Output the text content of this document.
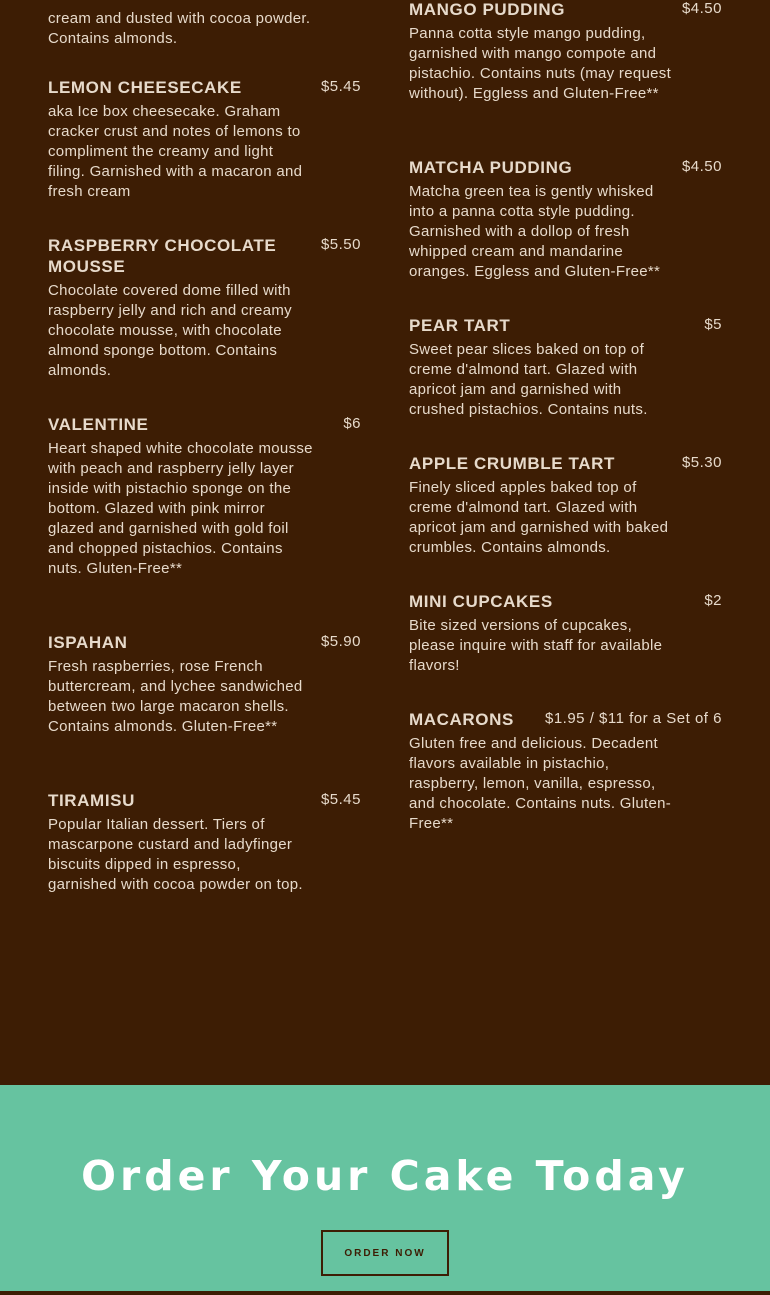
cream and dusted with cocoa powder. Contains almonds.

LEMON CHEESECAKE	$5.45

aka Ice box cheesecake. Graham cracker crust and notes of lemons to compliment the creamy and light filing. Garnished with a macaron and fresh cream

RASPBERRY CHOCOLATE MOUSSE
$5.50

Chocolate covered dome filled with raspberry jelly and rich and creamy chocolate mousse, with chocolate almond sponge bottom. Contains almonds.

VALENTINE	$6

Heart shaped white chocolate mousse with peach and raspberry jelly layer inside with pistachio sponge on the bottom. Glazed with pink mirror glazed and garnished with gold foil and chopped pistachios. Contains nuts. Gluten-Free**

ISPAHAN	$5.90

Fresh raspberries, rose French buttercream, and lychee sandwiched between two large macaron shells. Contains almonds. Gluten-Free**

TIRAMISU	$5.45

Popular Italian dessert. Tiers of mascarpone custard and ladyfinger biscuits dipped in espresso, garnished with cocoa powder on top.

MANGO PUDDING	$4.50

Panna cotta style mango pudding, garnished with mango compote and pistachio. Contains nuts (may request without). Eggless and Gluten-Free**

MATCHA PUDDING	$4.50

Matcha green tea is gently whisked into a panna cotta style pudding. Garnished with a dollop of fresh whipped cream and mandarine oranges. Eggless and Gluten-Free**

PEAR TART	$5

Sweet pear slices baked on top of creme d'almond tart. Glazed with apricot jam and garnished with crushed pistachios. Contains nuts.

APPLE CRUMBLE TART	$5.30

Finely sliced apples baked top of creme d'almond tart. Glazed with apricot jam and garnished with baked crumbles. Contains almonds.

MINI CUPCAKES	$2

Bite sized versions of cupcakes, please inquire with staff for available flavors!

MACARONS	$1.95 / $11 for a Set of 6

Gluten free and delicious. Decadent flavors available in pistachio, raspberry, lemon, vanilla, espresso, and chocolate. Contains nuts. Gluten-Free**

Order Your Cake Today
ORDER NOW
